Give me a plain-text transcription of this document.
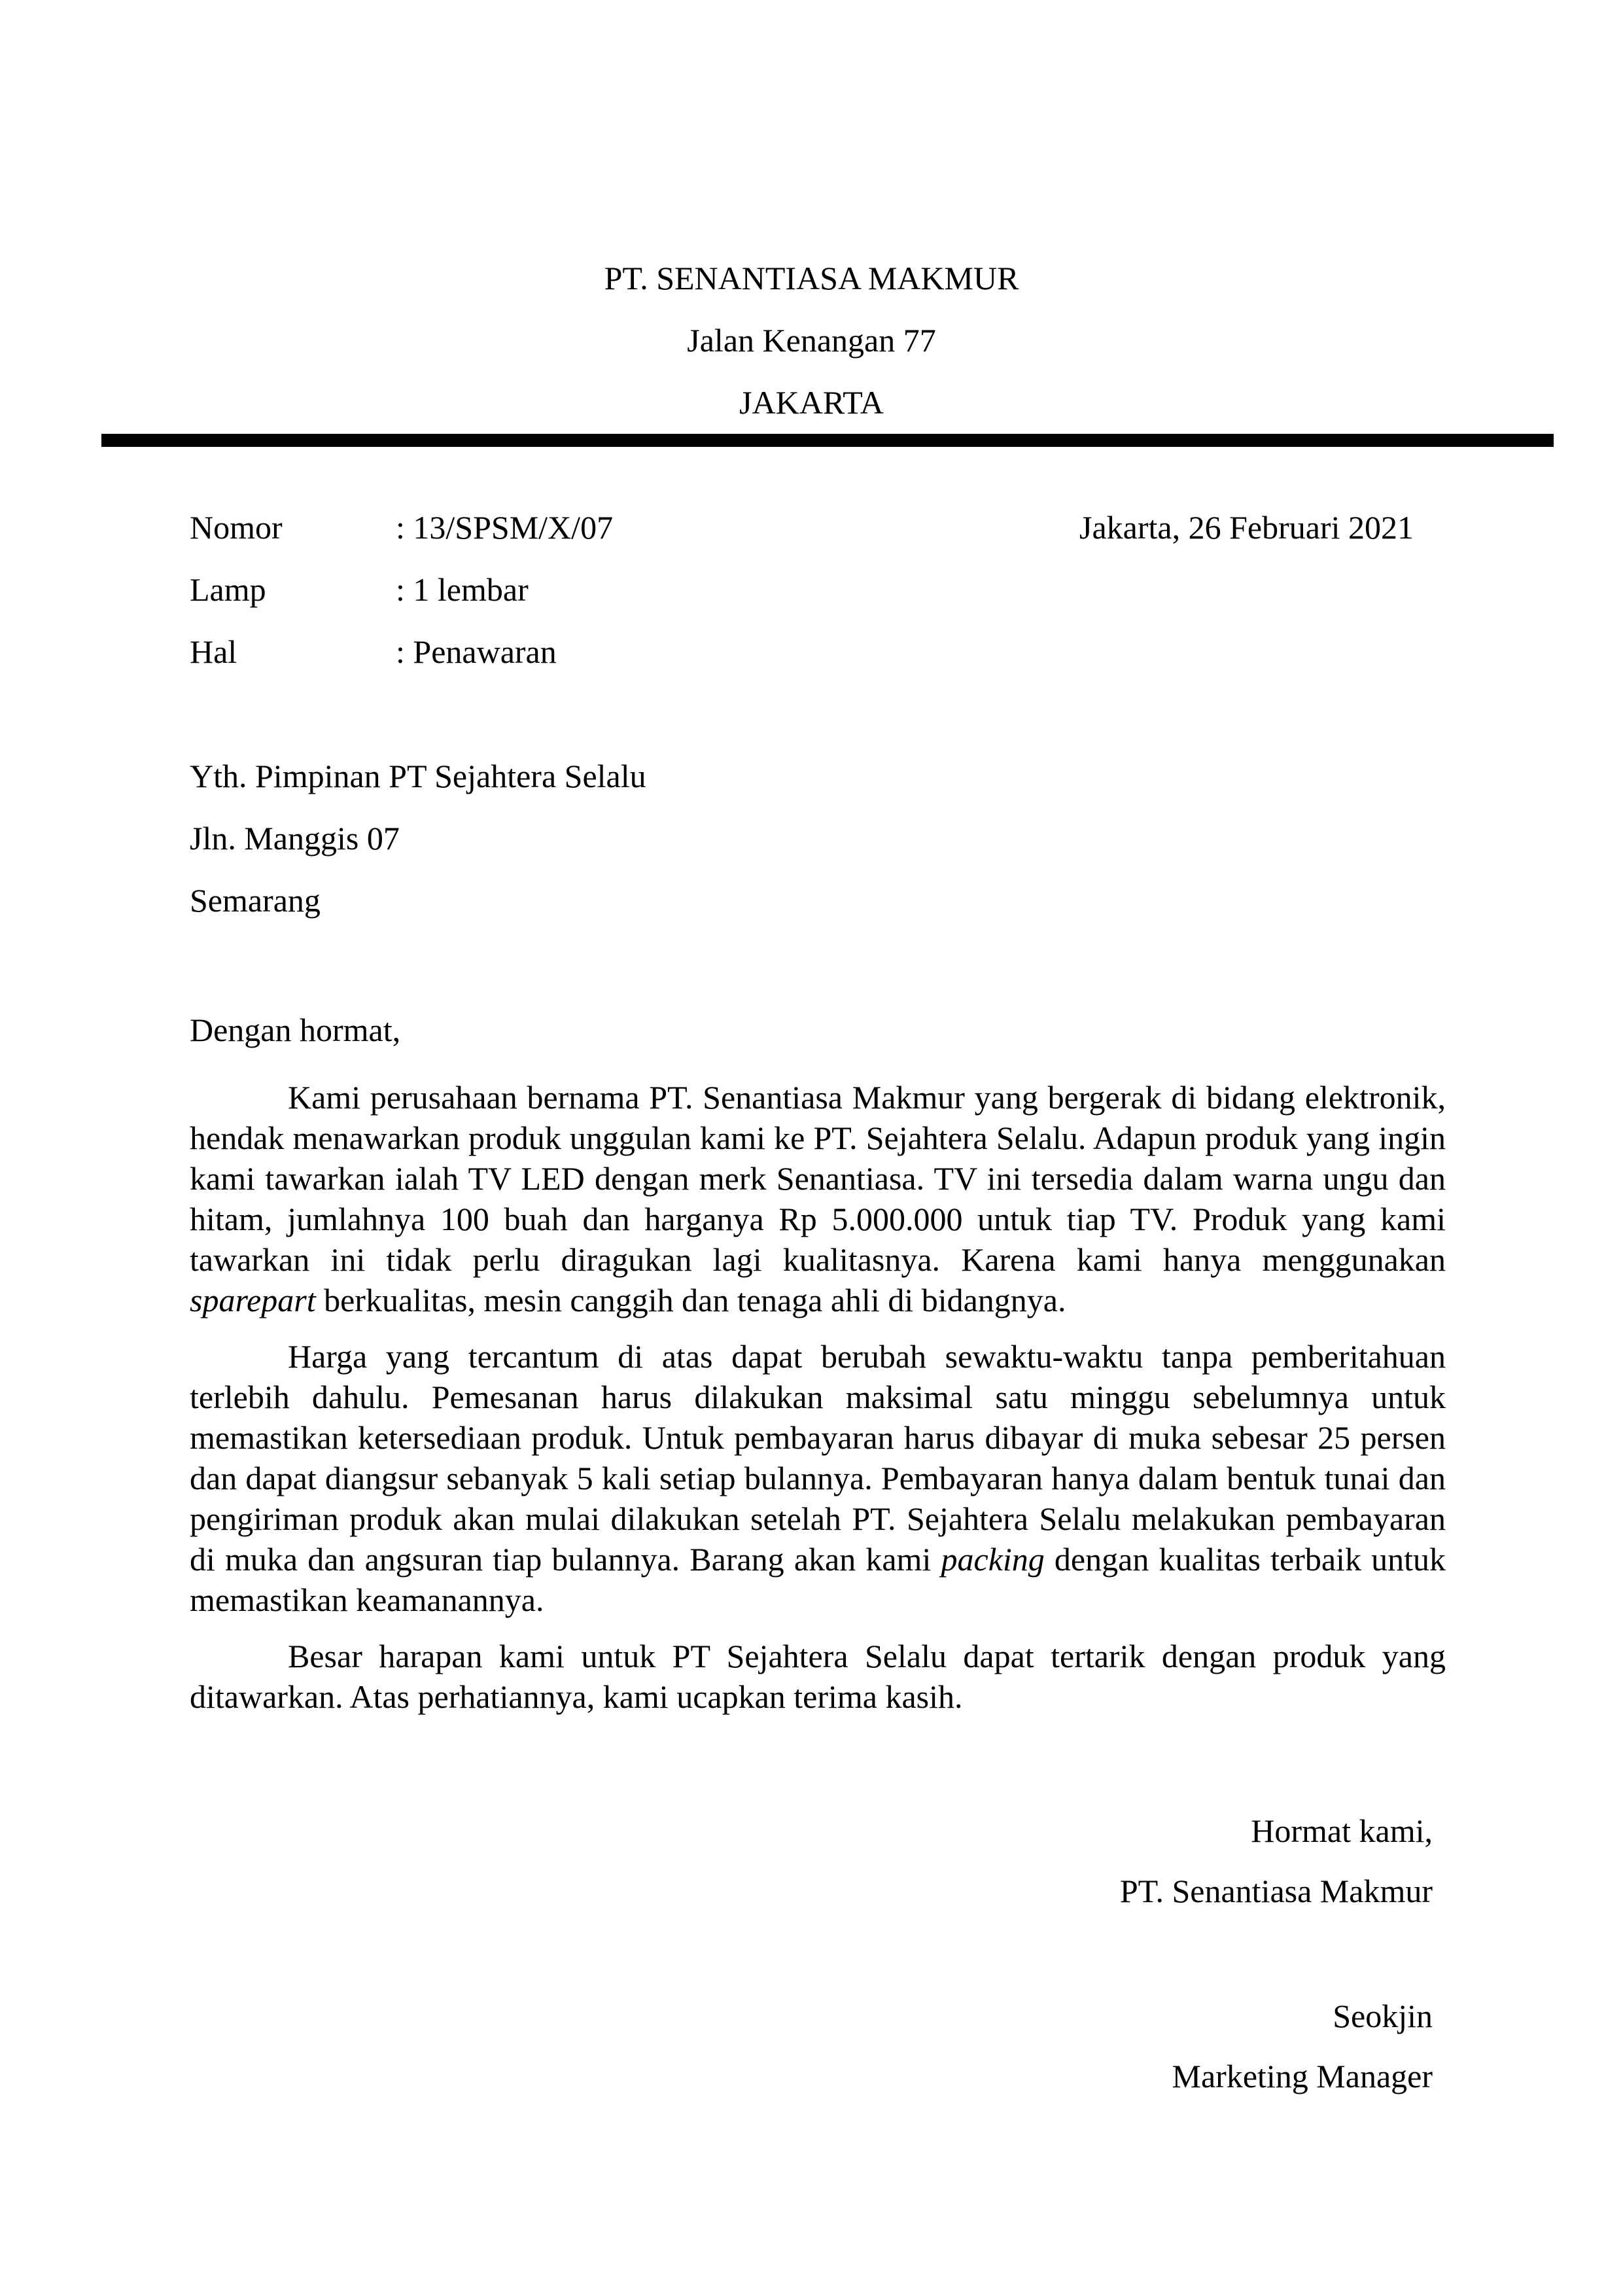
PT. SENANTIASA MAKMUR
Jalan Kenangan 77
JAKARTA
Nomor	: 13/SPSM/X/07	Jakarta, 26 Februari 2021
Lamp	: 1 lembar
Hal	: Penawaran
Yth. Pimpinan PT Sejahtera Selalu
Jln. Manggis 07
Semarang

Dengan hormat,

Kami perusahaan bernama PT. Senantiasa Makmur yang bergerak di bidang elektronik, hendak menawarkan produk unggulan kami ke PT. Sejahtera Selalu. Adapun produk yang ingin kami tawarkan ialah TV LED dengan merk Senantiasa. TV ini tersedia dalam warna ungu dan hitam, jumlahnya 100 buah dan harganya Rp 5.000.000 untuk tiap TV. Produk yang kami tawarkan ini tidak perlu diragukan lagi kualitasnya. Karena kami hanya menggunakan sparepart berkualitas, mesin canggih dan tenaga ahli di bidangnya.

Harga yang tercantum di atas dapat berubah sewaktu-waktu tanpa pemberitahuan terlebih dahulu. Pemesanan harus dilakukan maksimal satu minggu sebelumnya untuk memastikan ketersediaan produk. Untuk pembayaran harus dibayar di muka sebesar 25 persen dan dapat diangsur sebanyak 5 kali setiap bulannya. Pembayaran hanya dalam bentuk tunai dan pengiriman produk akan mulai dilakukan setelah PT. Sejahtera Selalu melakukan pembayaran di muka dan angsuran tiap bulannya. Barang akan kami packing dengan kualitas terbaik untuk memastikan keamanannya.

Besar harapan kami untuk PT Sejahtera Selalu dapat tertarik dengan produk yang ditawarkan. Atas perhatiannya, kami ucapkan terima kasih.

Hormat kami,
PT. Senantiasa Makmur
Seokjin
Marketing Manager
